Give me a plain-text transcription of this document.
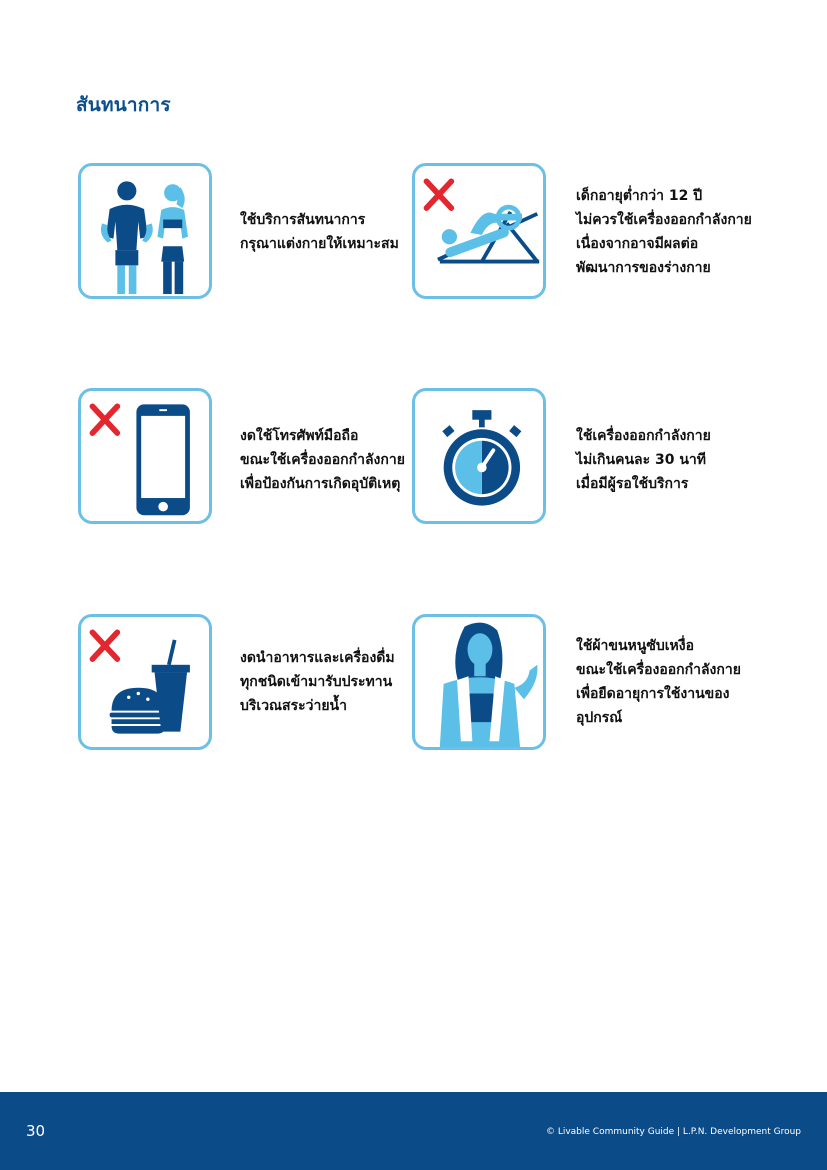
สันทนาการ
ใช้บริการสันทนาการ
กรุณาแต่งกายให้เหมาะสม
เด็กอายุต่ำกว่า 12 ปี
ไม่ควรใช้เครื่องออกกำลังกาย
เนื่องจากอาจมีผลต่อ
พัฒนาการของร่างกาย
งดใช้โทรศัพท์มือถือ
ขณะใช้เครื่องออกกำลังกาย
เพื่อป้องกันการเกิดอุบัติเหตุ
ใช้เครื่องออกกำลังกาย
ไม่เกินคนละ 30 นาที
เมื่อมีผู้รอใช้บริการ
งดนำอาหารและเครื่องดื่ม
ทุกชนิดเข้ามารับประทาน
บริเวณสระว่ายน้ำ
ใช้ผ้าขนหนูซับเหงื่อ
ขณะใช้เครื่องออกกำลังกาย
เพื่อยืดอายุการใช้งานของ
อุปกรณ์
30	© Livable Community Guide | L.P.N. Development Group
